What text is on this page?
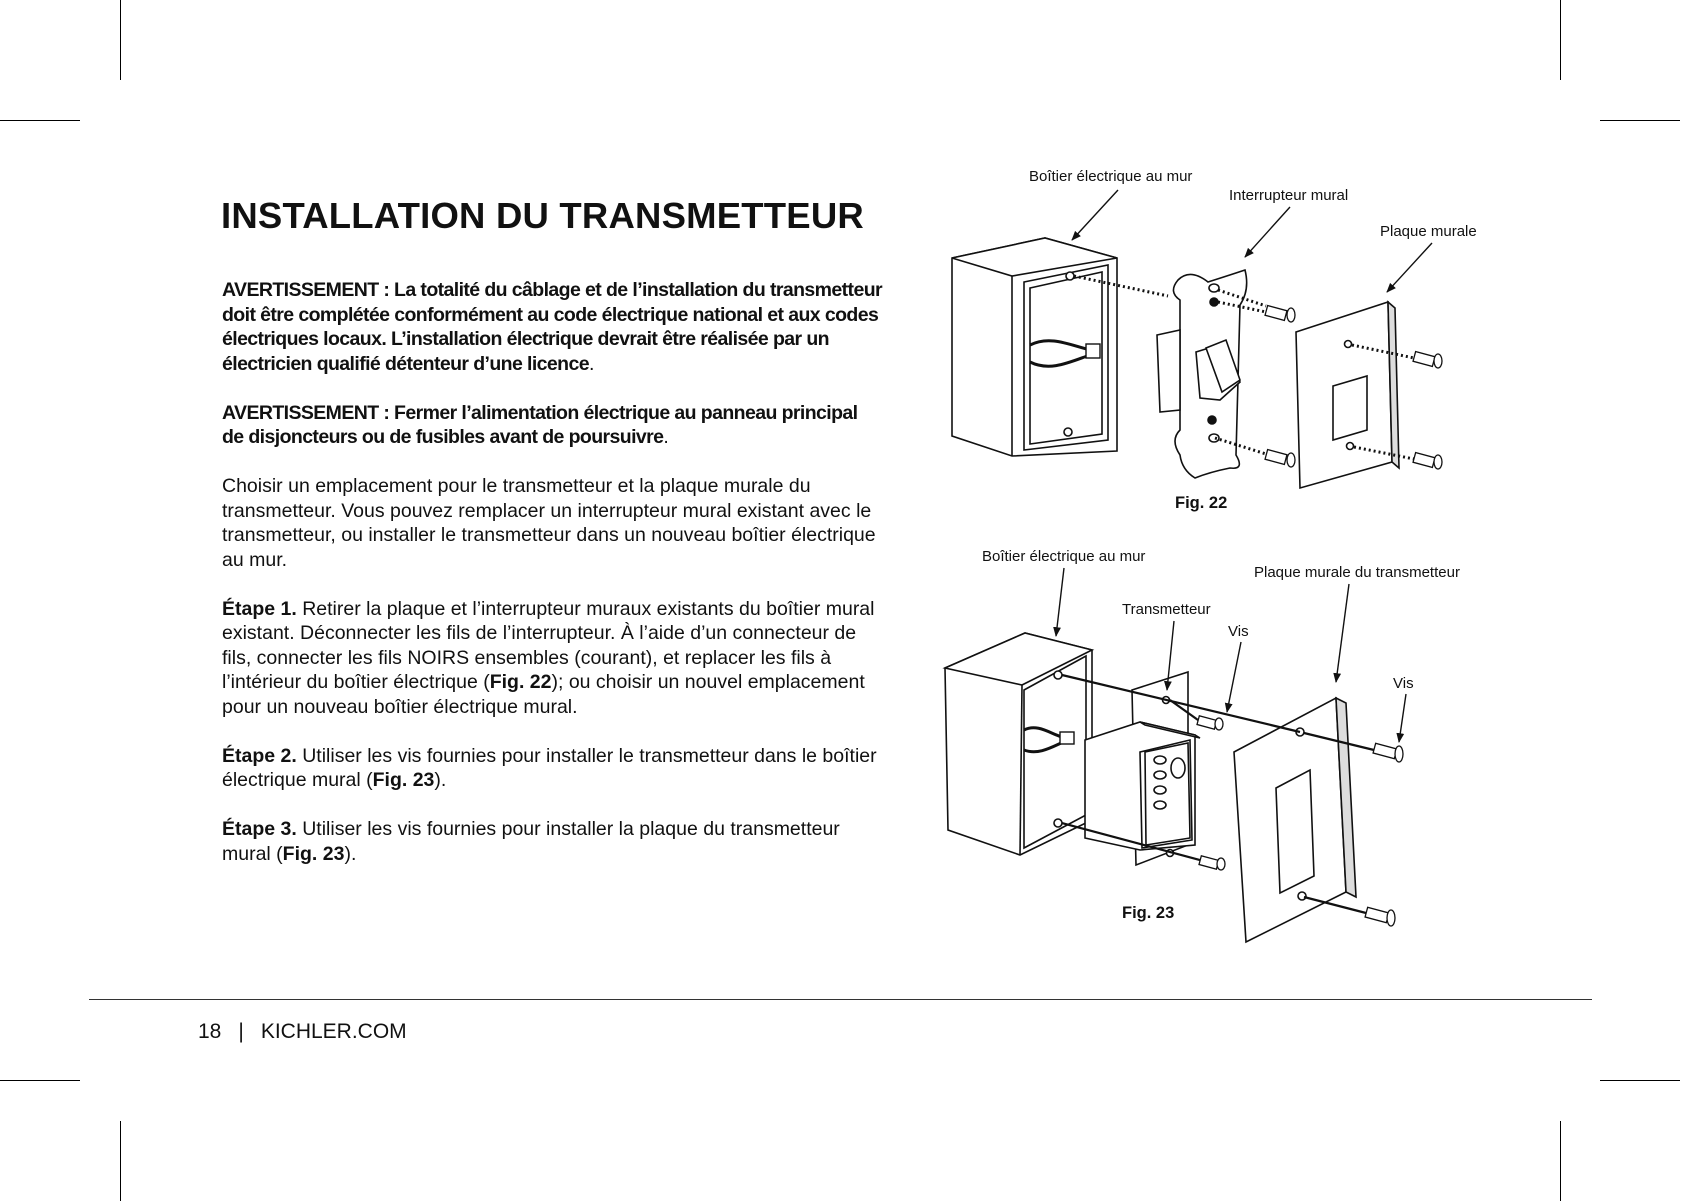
INSTALLATION DU TRANSMETTEUR

AVERTISSEMENT : La totalité du câblage et de l’installation du transmetteur doit être complétée conformément au code électrique national et aux codes électriques locaux. L’installation électrique devrait être réalisée par un électricien qualifié détenteur d’une licence.

AVERTISSEMENT : Fermer l’alimentation électrique au panneau principal de disjoncteurs ou de fusibles avant de poursuivre.

Choisir un emplacement pour le transmetteur et la plaque murale du transmetteur. Vous pouvez remplacer un interrupteur mural existant avec le transmetteur, ou installer le transmetteur dans un nouveau boîtier électrique au mur.

Étape 1. Retirer la plaque et l’interrupteur muraux existants du boîtier mural existant. Déconnecter les fils de l’interrupteur. À l’aide d’un connecteur de fils, connecter les fils NOIRS ensembles (courant), et replacer les fils à l’intérieur du boîtier électrique (Fig. 22); ou choisir un nouvel emplacement pour un nouveau boîtier électrique mural.

Étape 2. Utiliser les vis fournies pour installer le transmetteur dans le boîtier électrique mural (Fig. 23).

Étape 3. Utiliser les vis fournies pour installer la plaque du transmetteur mural (Fig. 23).

Boîtier électrique au mur
Interrupteur mural
Plaque murale
Fig. 22
Boîtier électrique au mur
Plaque murale du transmetteur
Transmetteur
Vis
Vis
Fig. 23
18 | KICHLER.COM
